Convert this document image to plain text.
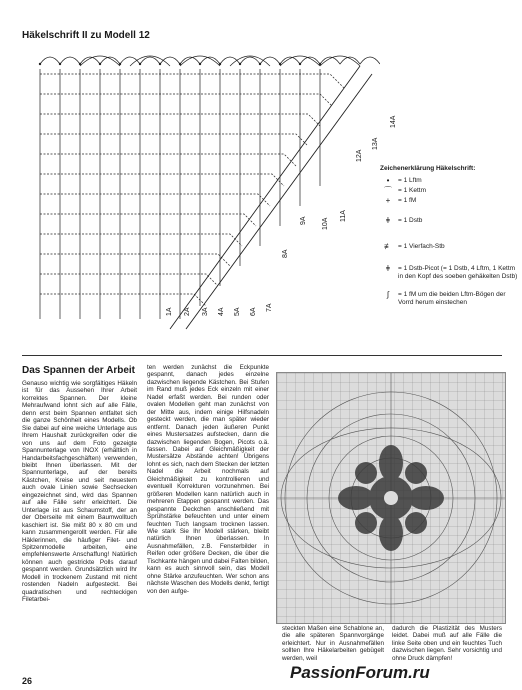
Häkelschrift II zu Modell 12
1A 2A 3A 4A 5A 6A 7A
8A
9A 10A
11A
12A
13A
14A
Zeichenerklärung Häkelschrift:
•	= 1 Lftm
⌒ = 1 Kettm
+	= 1 fM
ǂ	= 1 Dstb
≢ = 1 Vierfach-Stb
ǂ	= 1 Dstb-Picot (= 1 Dstb, 4 Lftm, 1 Kettm in den Kopf des soeben gehäkelten Dstb)
∫	= 1 fM um die beiden Lftm-Bögen der Vorrd herum einstechen
Das Spannen der Arbeit
Genauso wichtig wie sorgfältiges Häkeln ist für das Aussehen Ihrer Arbeit korrektes Spannen. Der kleine Mehraufwand lohnt sich auf alle Fälle, denn erst beim Spannen entfaltet sich die ganze Schönheit eines Modells. Ob Sie dabei auf eine weiche Unterlage aus Ihrem Haushalt zurückgreifen oder die von uns auf dem Foto gezeigte Spannunterlage von INOX (erhältlich in Handarbeitsfachgeschäften) verwenden, bleibt Ihnen überlassen. Mit der Spannunterlage, auf der bereits Kästchen, Kreise und seit neuestem auch ovale Linien sowie Sechsecken eingezeichnet sind, wird das Spannen auf alle Fälle sehr erleichtert. Die Unterlage ist aus Schaumstoff, der an der Oberseite mit einem Baumwolltuch kaschiert ist. Sie mißt 80 x 80 cm und kann zusammengerollt werden. Für alle Häklerinnen, die häufiger Filet- und Spitzenmodelle arbeiten, eine empfehlenswerte Anschaffung! Natürlich können auch gestrickte Polls darauf gespannt werden. Grundsätzlich wird Ihr Modell in trockenem Zustand mit nicht rostenden Nadeln aufgesteckt. Bei quadratischen und rechteckigen Filetarbei-
ten werden zunächst die Eckpunkte gespannt, danach jedes einzelne dazwischen liegende Kästchen. Bei Stufen im Rand muß jedes Eck einzeln mit einer Nadel erfaßt werden. Bei runden oder ovalen Modellen geht man zunächst von der Mitte aus, indem einige Hilfsnadeln gesteckt werden, die man später wieder entfernt. Danach jeden äußeren Punkt eines Mustersatzes aufstecken, dann die dazwischen liegenden Bogen, Picots o.ä. fassen. Dabei auf Gleichmäßigkeit der Mustersätze Abstände achten! Übrigens lohnt es sich, nach dem Stecken der letzten Nadel die Arbeit nochmals auf Gleichmäßigkeit zu kontrollieren und eventuell Korrekturen vorzunehmen. Bei größeren Modellen kann natürlich auch in mehreren Etappen gespannt werden. Das gespannte Deckchen anschließend mit Sprühstärke befeuchten und unter einem feuchten Tuch langsam trocknen lassen. Wie stark Sie Ihr Modell stärken, bleibt natürlich Ihnen überlassen. In Ausnahmefällen, z.B. Fensterbilder in Reifen oder größere Decken, die über die Tischkante hängen und dabei Falten bilden, kann es auch sinnvoll sein, das Modell ohne Stärke anzufeuchten. Wer schon ans nächste Waschen des Modells denkt, fertigt von den aufge-
steckten Maßen eine Schablone an, die alle späteren Spannvorgänge erleichtert. Nur in Ausnahmefällen sollten Ihre Häkelarbeiten gebügelt werden, weil
dadurch die Plastizität des Musters leidet. Dabei muß auf alle Fälle die linke Seite oben und ein feuchtes Tuch dazwischen liegen. Sehr vorsichtig und ohne Druck dämpfen!
26	PassionForum.ru
